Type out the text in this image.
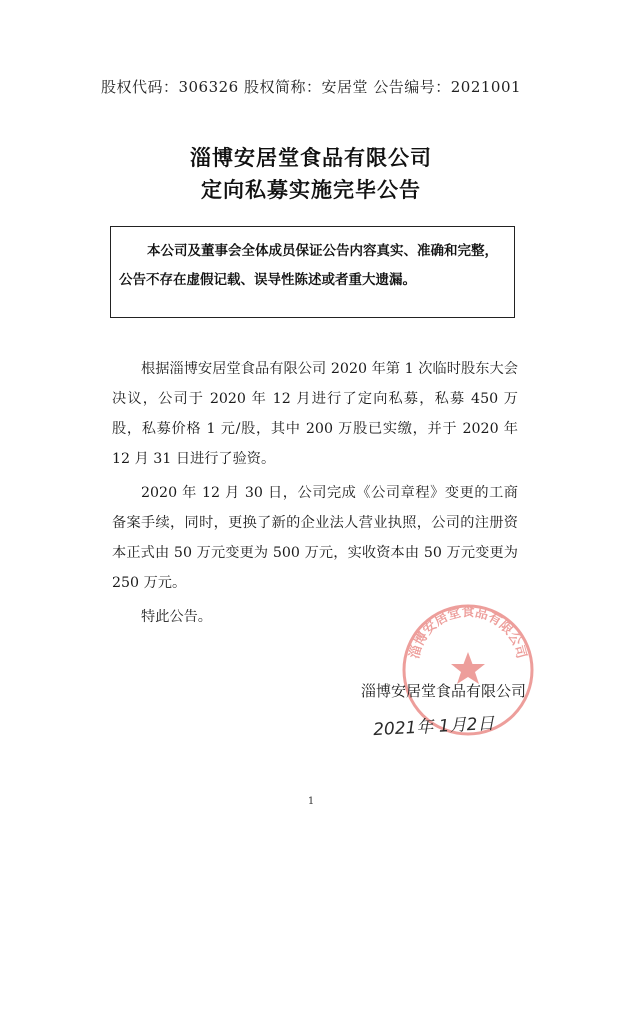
股权代码：306326 股权简称：安居堂 公告编号：2021001
淄博安居堂食品有限公司
定向私募实施完毕公告
本公司及董事会全体成员保证公告内容真实、准确和完整，
公告不存在虚假记载、误导性陈述或者重大遗漏。

根据淄博安居堂食品有限公司 2020 年第 1 次临时股东大会决议，公司于 2020 年 12 月进行了定向私募，私募 450 万股，私募价格 1 元/股，其中 200 万股已实缴，并于 2020 年 12 月 31 日进行了验资。

2020 年 12 月 30 日，公司完成《公司章程》变更的工商备案手续，同时，更换了新的企业法人营业执照，公司的注册资本正式由 50 万元变更为 500 万元，实收资本由 50 万元变更为 250 万元。

特此公告。

淄博安居堂食品有限公司
淄博安居堂食品有限公司
2021年 1月2日
1
